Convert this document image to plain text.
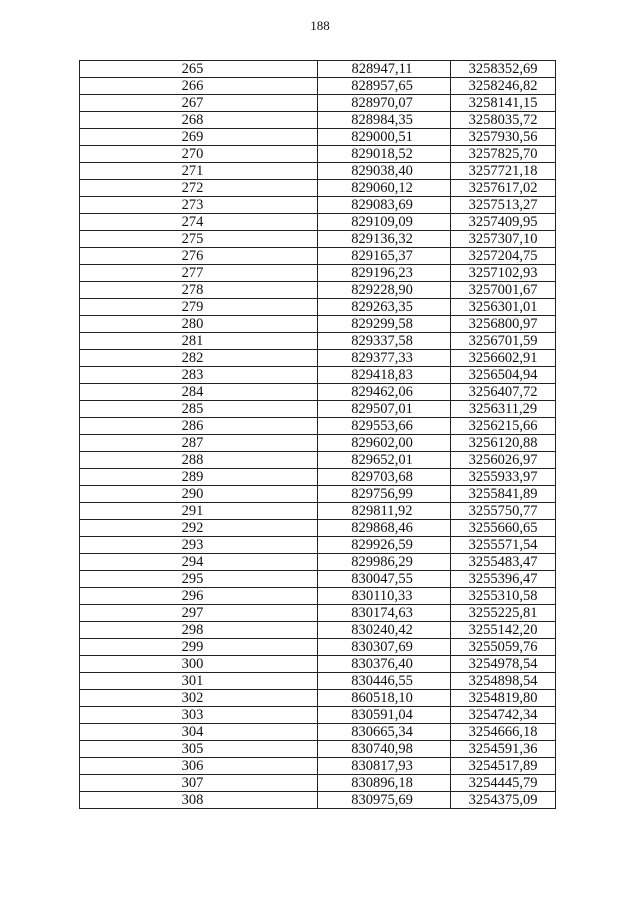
188
265	828947,11	3258352,69
266	828957,65	3258246,82
267	828970,07	3258141,15
268	828984,35	3258035,72
269	829000,51	3257930,56
270	829018,52	3257825,70
271	829038,40	3257721,18
272	829060,12	3257617,02
273	829083,69	3257513,27
274	829109,09	3257409,95
275	829136,32	3257307,10
276	829165,37	3257204,75
277	829196,23	3257102,93
278	829228,90	3257001,67
279	829263,35	3256301,01
280	829299,58	3256800,97
281	829337,58	3256701,59
282	829377,33	3256602,91
283	829418,83	3256504,94
284	829462,06	3256407,72
285	829507,01	3256311,29
286	829553,66	3256215,66
287	829602,00	3256120,88
288	829652,01	3256026,97
289	829703,68	3255933,97
290	829756,99	3255841,89
291	829811,92	3255750,77
292	829868,46	3255660,65
293	829926,59	3255571,54
294	829986,29	3255483,47
295	830047,55	3255396,47
296	830110,33	3255310,58
297	830174,63	3255225,81
298	830240,42	3255142,20
299	830307,69	3255059,76
300	830376,40	3254978,54
301	830446,55	3254898,54
302	860518,10	3254819,80
303	830591,04	3254742,34
304	830665,34	3254666,18
305	830740,98	3254591,36
306	830817,93	3254517,89
307	830896,18	3254445,79
308	830975,69	3254375,09
